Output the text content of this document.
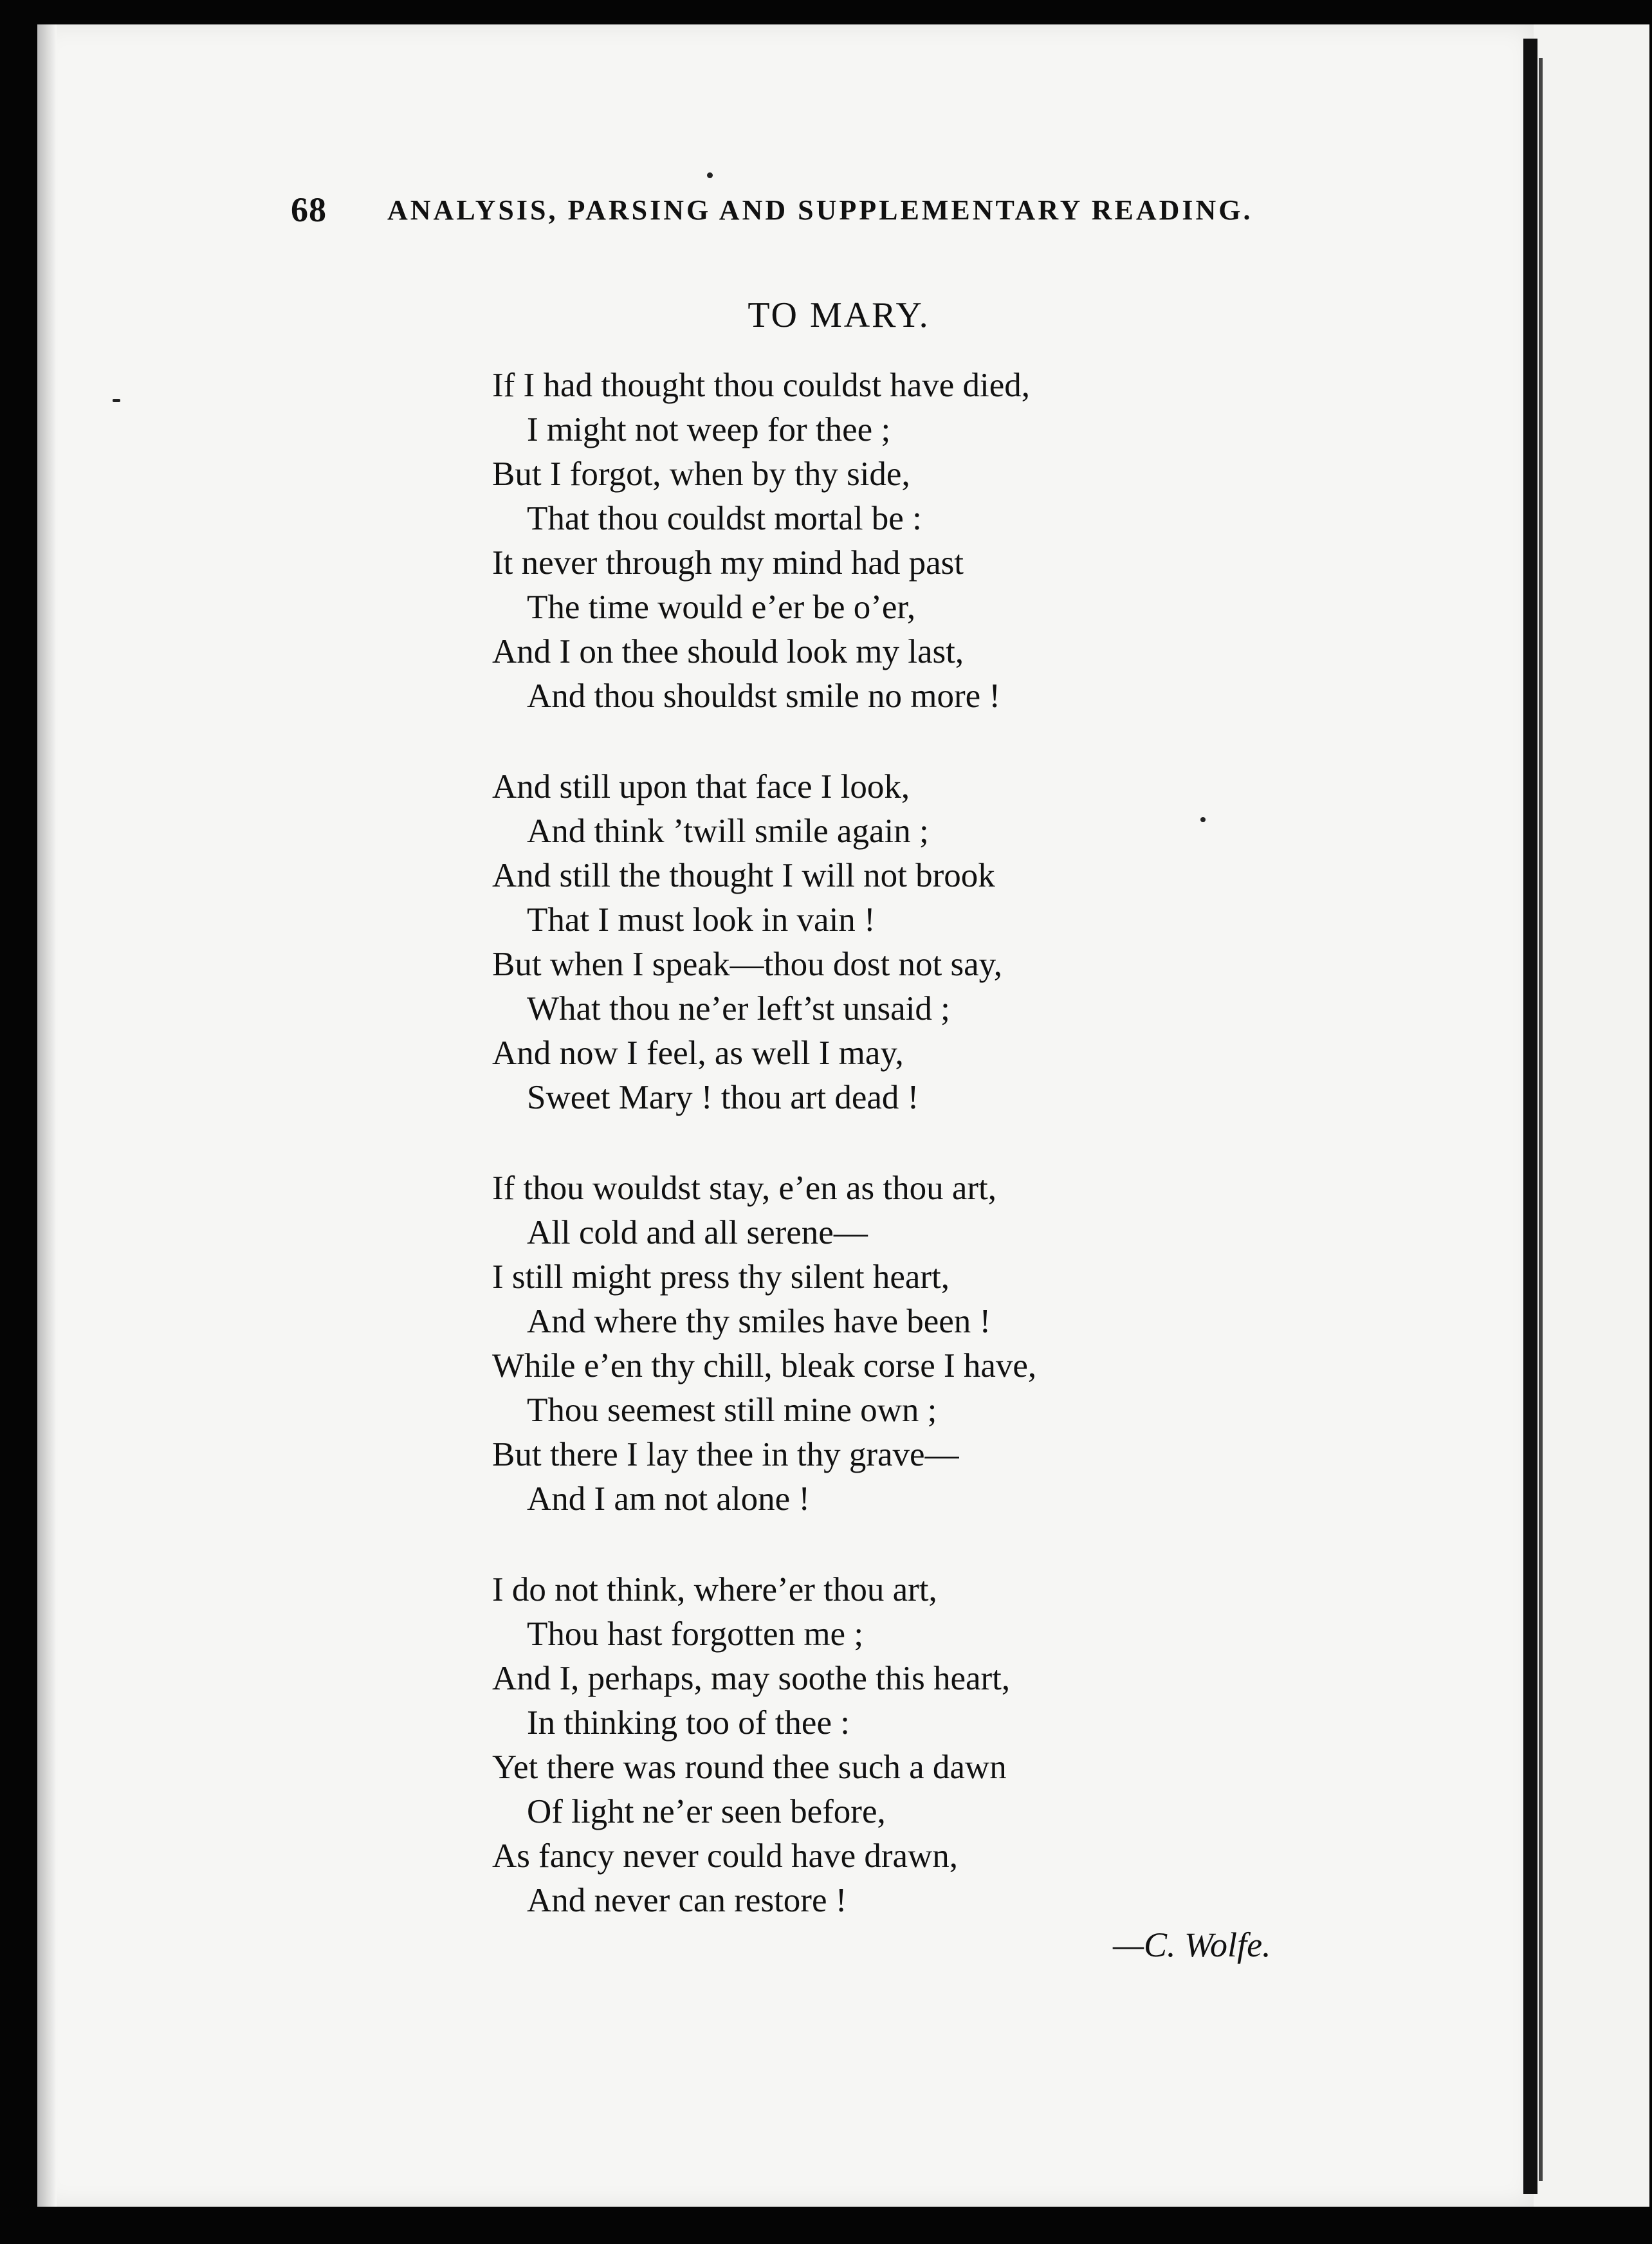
68 ANALYSIS, PARSING AND SUPPLEMENTARY READING.
TO MARY.
If I had thought thou couldst have died,
I might not weep for thee ;
But I forgot, when by thy side,
That thou couldst mortal be :
It never through my mind had past
The time would e’er be o’er,
And I on thee should look my last,
And thou shouldst smile no more !
And still upon that face I look,
And think ’twill smile again ;
And still the thought I will not brook
That I must look in vain !
But when I speak—thou dost not say,
What thou ne’er left’st unsaid ;
And now I feel, as well I may,
Sweet Mary ! thou art dead !
If thou wouldst stay, e’en as thou art,
All cold and all serene—
I still might press thy silent heart,
And where thy smiles have been !
While e’en thy chill, bleak corse I have,
Thou seemest still mine own ;
But there I lay thee in thy grave—
And I am not alone !
I do not think, where’er thou art,
Thou hast forgotten me ;
And I, perhaps, may soothe this heart,
In thinking too of thee :
Yet there was round thee such a dawn
Of light ne’er seen before,
As fancy never could have drawn,
And never can restore !
—C. Wolfe.
